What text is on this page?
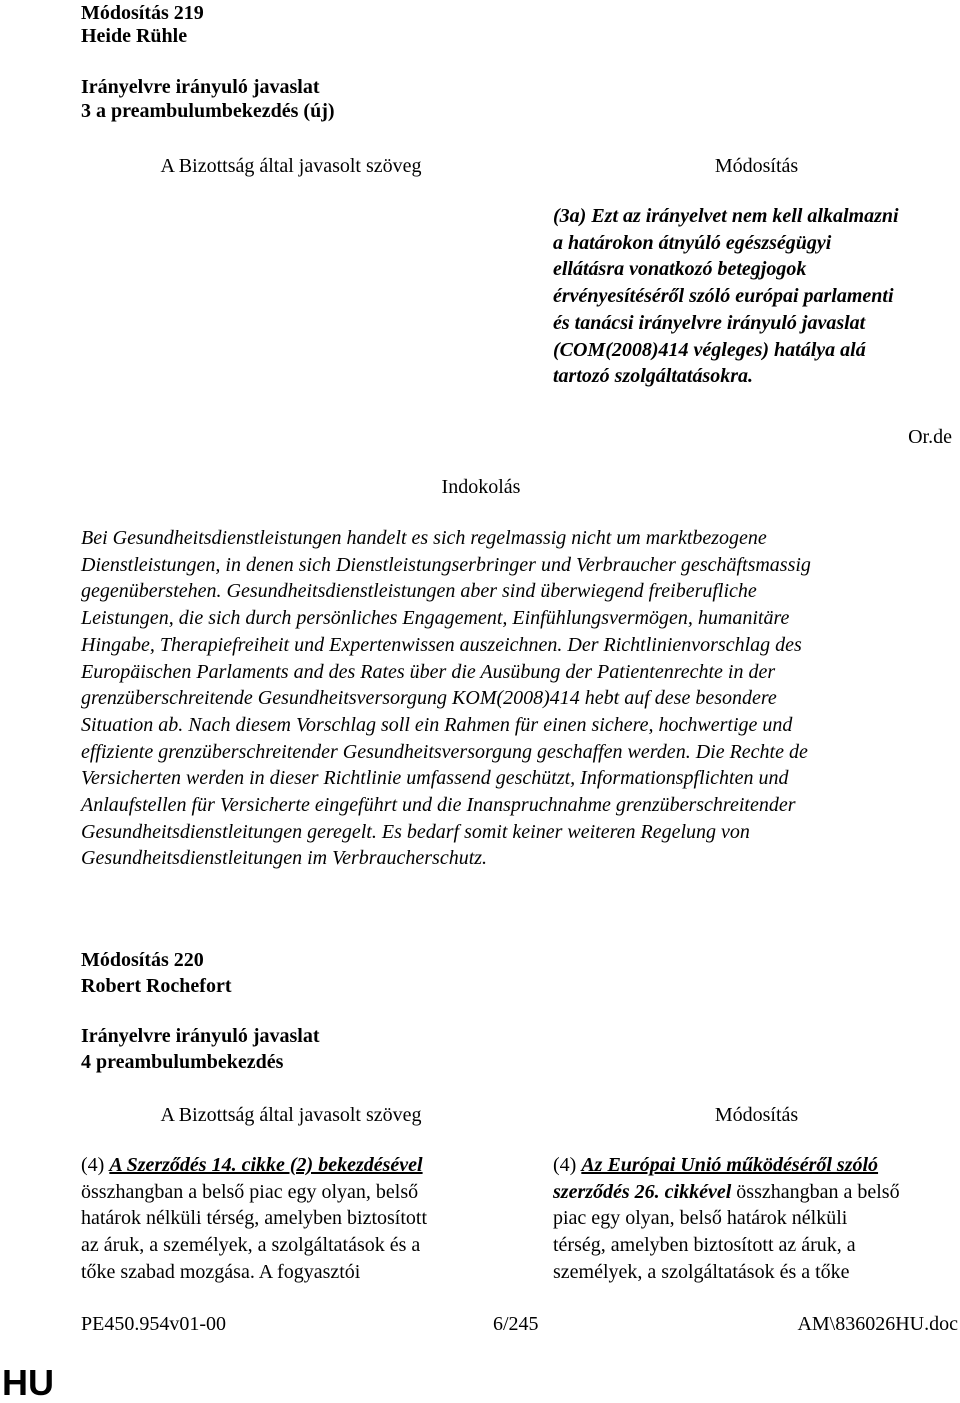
Módosítás 219
Heide Rühle
Irányelvre irányuló javaslat
3 a preambulumbekezdés (új)
A Bizottság által javasolt szöveg	Módosítás
(3a) Ezt az irányelvet nem kell alkalmazni
a határokon átnyúló egészségügyi
ellátásra vonatkozó betegjogok
érvényesítéséről szóló európai parlamenti
és tanácsi irányelvre irányuló javaslat
(COM(2008)414 végleges) hatálya alá
tartozó szolgáltatásokra.
Or.de
Indokolás
Bei Gesundheitsdienstleistungen handelt es sich regelmassig nicht um marktbezogene
Dienstleistungen, in denen sich Dienstleistungserbringer und Verbraucher geschäftsmassig
gegenüberstehen. Gesundheitsdienstleistungen aber sind überwiegend freiberufliche
Leistungen, die sich durch persönliches Engagement, Einfühlungsvermögen, humanitäre
Hingabe, Therapiefreiheit und Expertenwissen auszeichnen. Der Richtlinienvorschlag des
Europäischen Parlaments and des Rates über die Ausübung der Patientenrechte in der
grenzüberschreitende Gesundheitsversorgung KOM(2008)414 hebt auf dese besondere
Situation ab. Nach diesem Vorschlag soll ein Rahmen für einen sichere, hochwertige und
effiziente grenzüberschreitender Gesundheitsversorgung geschaffen werden. Die Rechte de
Versicherten werden in dieser Richtlinie umfassend geschützt, Informationspflichten und
Anlaufstellen für Versicherte eingeführt und die Inanspruchnahme grenzüberschreitender
Gesundheitsdienstleitungen geregelt. Es bedarf somit keiner weiteren Regelung von
Gesundheitsdienstleitungen im Verbraucherschutz.
Módosítás 220
Robert Rochefort
Irányelvre irányuló javaslat
4 preambulumbekezdés
A Bizottság által javasolt szöveg	Módosítás
(4) A Szerződés 14. cikke (2) bekezdésével
összhangban a belső piac egy olyan, belső
határok nélküli térség, amelyben biztosított
az áruk, a személyek, a szolgáltatások és a
tőke szabad mozgása. A fogyasztói
(4) Az Európai Unió működéséről szóló
szerződés 26. cikkével összhangban a belső
piac egy olyan, belső határok nélküli
térség, amelyben biztosított az áruk, a
személyek, a szolgáltatások és a tőke
PE450.954v01-00	6/245	AM\836026HU.doc
HU
